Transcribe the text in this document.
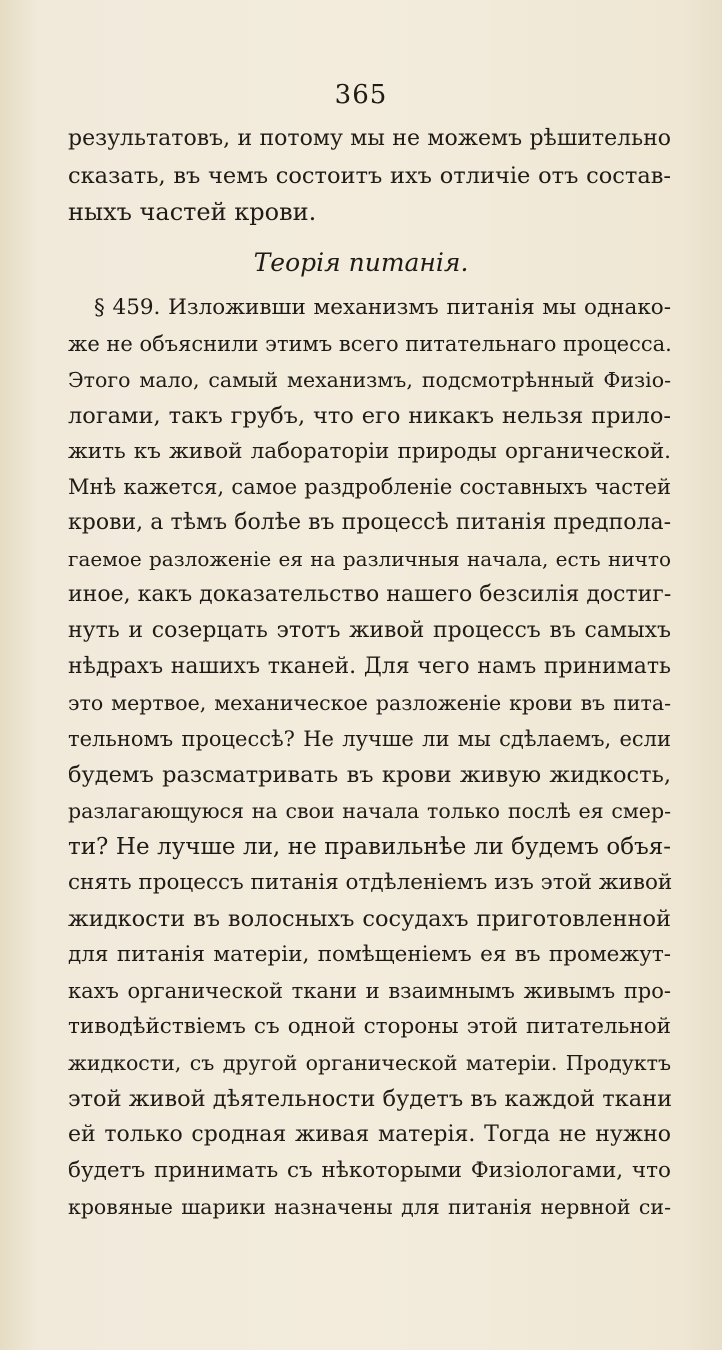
365
результатовъ, и потому мы не можемъ рѣшительно
сказать, въ чемъ состоитъ ихъ отличіе отъ состав-
ныхъ частей крови.
Теорія питанія.
§ 459. Изложивши механизмъ питанія мы однако-
же не объяснили этимъ всего питательнаго процесса.
Этого мало, самый механизмъ, подсмотрѣнный Физіо-
логами, такъ грубъ, что его никакъ нельзя прило-
жить къ живой лабораторіи природы органической.
Мнѣ кажется, самое раздробленіе составныхъ частей
крови, а тѣмъ болѣе въ процессѣ питанія предпола-
гаемое разложеніе ея на различныя начала, есть ничто
иное, какъ доказательство нашего безсилія достиг-
нуть и созерцать этотъ живой процессъ въ самыхъ
нѣдрахъ нашихъ тканей. Для чего намъ принимать
это мертвое, механическое разложеніе крови въ пита-
тельномъ процессѣ? Не лучше ли мы сдѣлаемъ, если
будемъ разсматривать въ крови живую жидкость,
разлагающуюся на свои начала только послѣ ея смер-
ти? Не лучше ли, не правильнѣе ли будемъ объя-
снять процессъ питанія отдѣленіемъ изъ этой живой
жидкости въ волосныхъ сосудахъ приготовленной
для питанія матеріи, помѣщеніемъ ея въ промежут-
кахъ органической ткани и взаимнымъ живымъ про-
тиводѣйствіемъ съ одной стороны этой питательной
жидкости, съ другой органической матеріи. Продуктъ
этой живой дѣятельности будетъ въ каждой ткани
ей только сродная живая матерія. Тогда не нужно
будетъ принимать съ нѣкоторыми Физіологами, что
кровяные шарики назначены для питанія нервной си-
